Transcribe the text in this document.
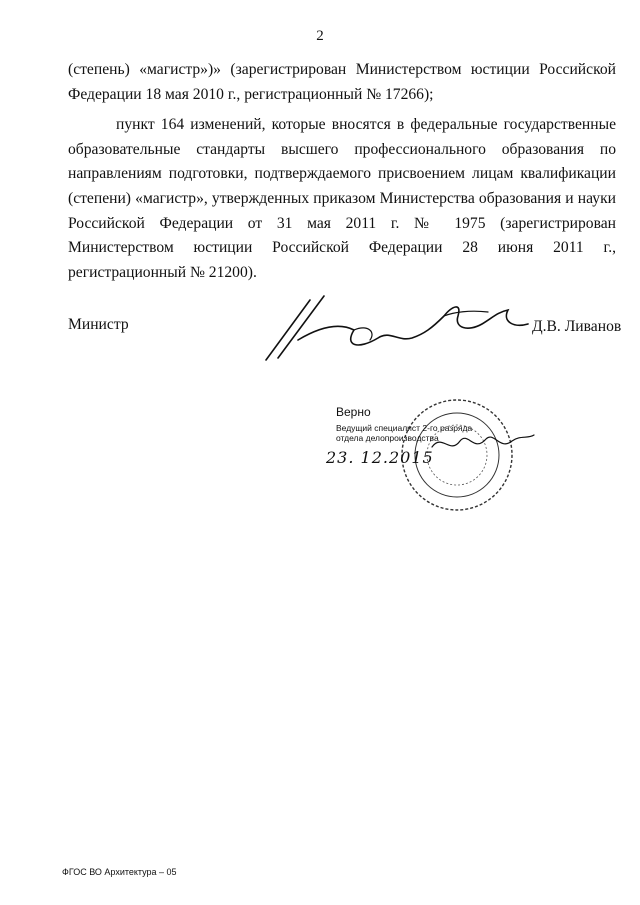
2

(степень) «магистр»)» (зарегистрирован Министерством юстиции Российской Федерации 18 мая 2010 г., регистрационный № 17266);

пункт 164 изменений, которые вносятся в федеральные государственные образовательные стандарты высшего профессионального образования по направлениям подготовки, подтверждаемого присвоением лицам квалификации (степени) «магистр», утвержденных приказом Министерства образования и науки Российской Федерации от 31 мая 2011 г. № 1975 (зарегистрирован Министерством юстиции Российской Федерации 28 июня 2011 г., регистрационный № 21200).

Министр	Д.В. Ливанов
Верно
Ведущий специалист 2-го разряда
отдела делопроизводства
23. 12.2015
ФГОС ВО Архитектура – 05
